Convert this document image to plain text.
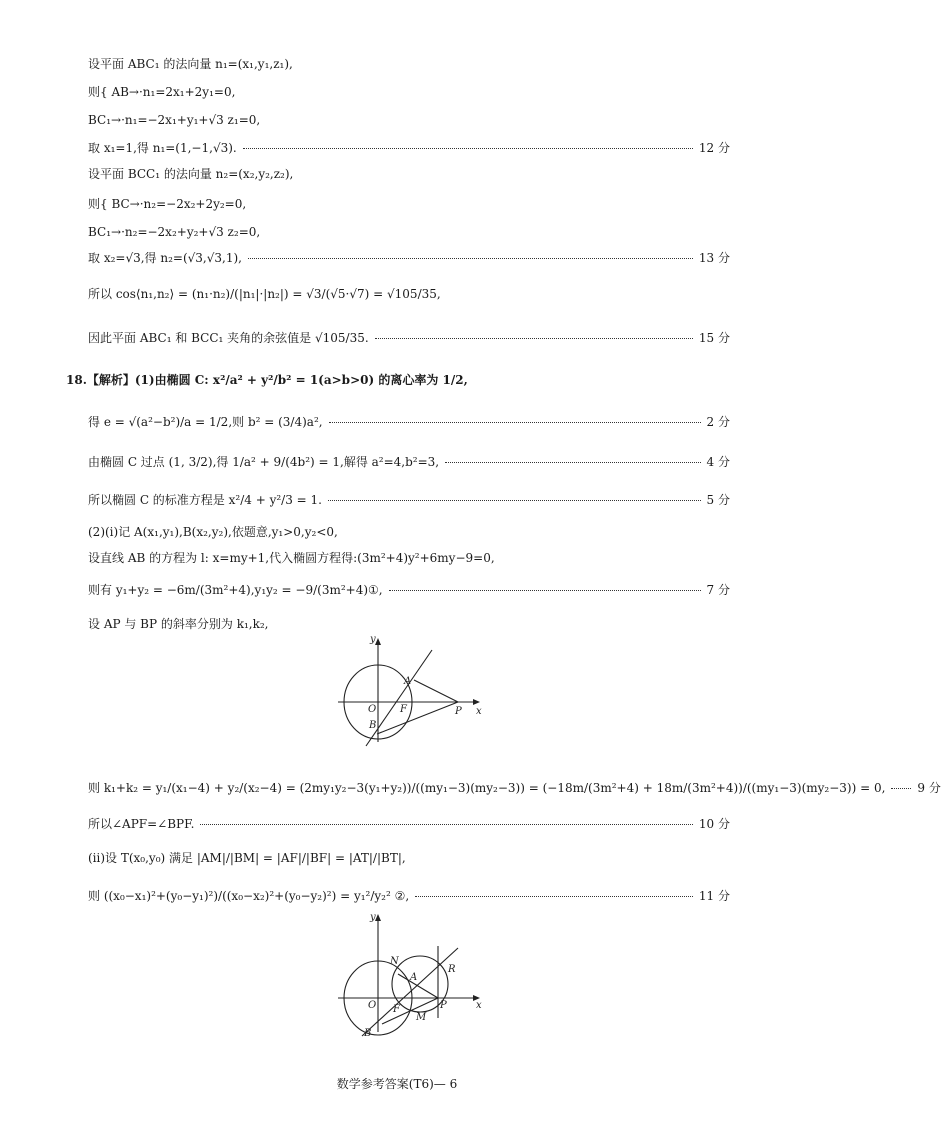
设平面 ABC₁ 的法向量 n₁=(x₁,y₁,z₁),
则{ AB→·n₁=2x₁+2y₁=0,
BC₁→·n₁=−2x₁+y₁+√3 z₁=0,
取 x₁=1,得 n₁=(1,−1,√3).	12 分
设平面 BCC₁ 的法向量 n₂=(x₂,y₂,z₂),
则{ BC→·n₂=−2x₂+2y₂=0,
BC₁→·n₂=−2x₂+y₂+√3 z₂=0,
取 x₂=√3,得 n₂=(√3,√3,1),	13 分
所以 cos⟨n₁,n₂⟩ = (n₁·n₂)/(|n₁|·|n₂|) = √3/(√5·√7) = √105/35,
因此平面 ABC₁ 和 BCC₁ 夹角的余弦值是 √105/35.	15 分
18.【解析】(1)由椭圆 C: x²/a² + y²/b² = 1(a>b>0) 的离心率为 1/2,
得 e = √(a²−b²)/a = 1/2,则 b² = (3/4)a²,	2 分
由椭圆 C 过点 (1, 3/2),得 1/a² + 9/(4b²) = 1,解得 a²=4,b²=3,	4 分
所以椭圆 C 的标准方程是 x²/4 + y²/3 = 1.	5 分
(2)(ⅰ)记 A(x₁,y₁),B(x₂,y₂),依题意,y₁>0,y₂<0,
设直线 AB 的方程为 l: x=my+1,代入椭圆方程得:(3m²+4)y²+6my−9=0,
则有 y₁+y₂ = −6m/(3m²+4),y₁y₂ = −9/(3m²+4)①,	7 分
设 AP 与 BP 的斜率分别为 k₁,k₂,
y
x
O F
A
B
P
则 k₁+k₂ = y₁/(x₁−4) + y₂/(x₂−4) = (2my₁y₂−3(y₁+y₂))/((my₁−3)(my₂−3)) = (−18m/(3m²+4) + 18m/(3m²+4))/((my₁−3)(my₂−3)) = 0,	9 分
所以∠APF=∠BPF.	10 分
(ⅱ)设 T(x₀,y₀) 满足 |AM|/|BM| = |AF|/|BF| = |AT|/|BT|,
则 ((x₀−x₁)²+(y₀−y₁)²)/((x₀−x₂)²+(y₀−y₂)²) = y₁²/y₂² ②,	11 分
y
x
O F
A
B
P
N
R
M
数学参考答案(T6)— 6
